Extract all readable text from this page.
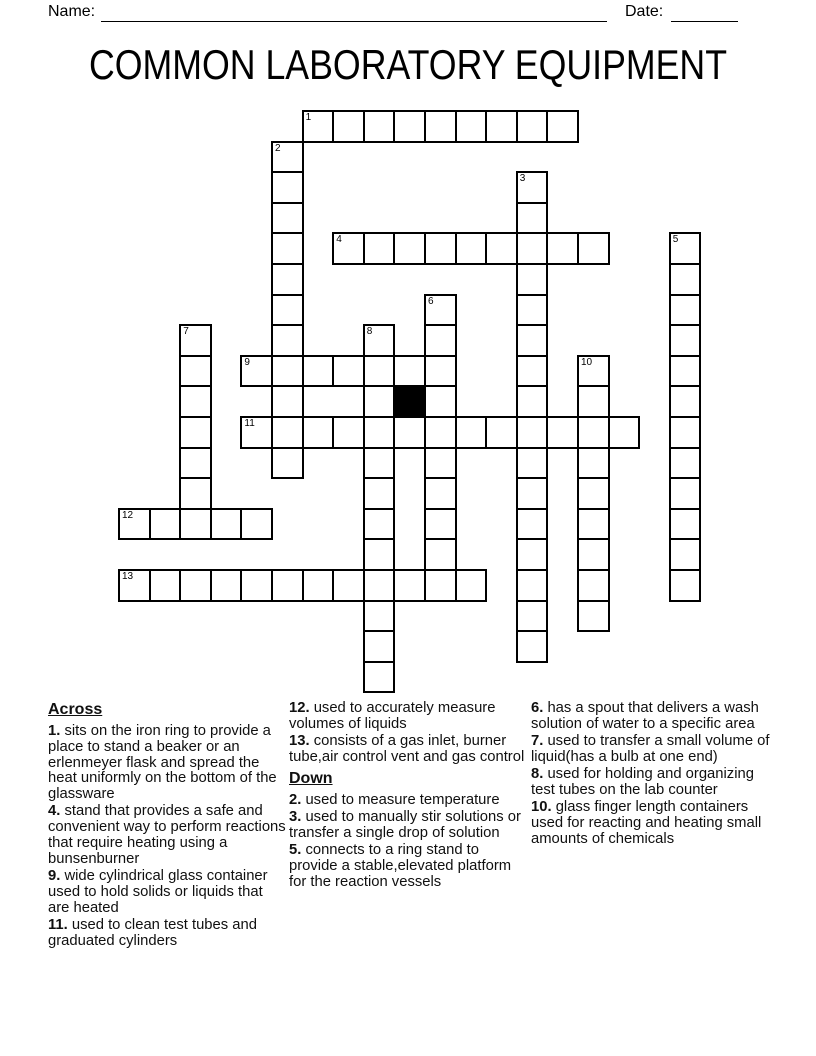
Name:	Date:
COMMON LABORATORY EQUIPMENT
1
2
3
4	5
6
7	8
9	10
11
12
13
Across
1. sits on the iron ring to provide a place to stand a beaker or an erlenmeyer flask and spread the heat uniformly on the bottom of the glassware
4. stand that provides a safe and convenient way to perform reactions that require heating using a bunsenburner
9. wide cylindrical glass container used to hold solids or liquids that are heated
11. used to clean test tubes and graduated cylinders
12. used to accurately measure volumes of liquids
13. consists of a gas inlet, burner tube,air control vent and gas control
Down
2. used to measure temperature
3. used to manually stir solutions or transfer a single drop of solution
5. connects to a ring stand to provide a stable,elevated platform for the reaction vessels
6. has a spout that delivers a wash solution of water to a specific area
7. used to transfer a small volume of liquid(has a bulb at one end)
8. used for holding and organizing test tubes on the lab counter
10. glass finger length containers used for reacting and heating small amounts of chemicals
